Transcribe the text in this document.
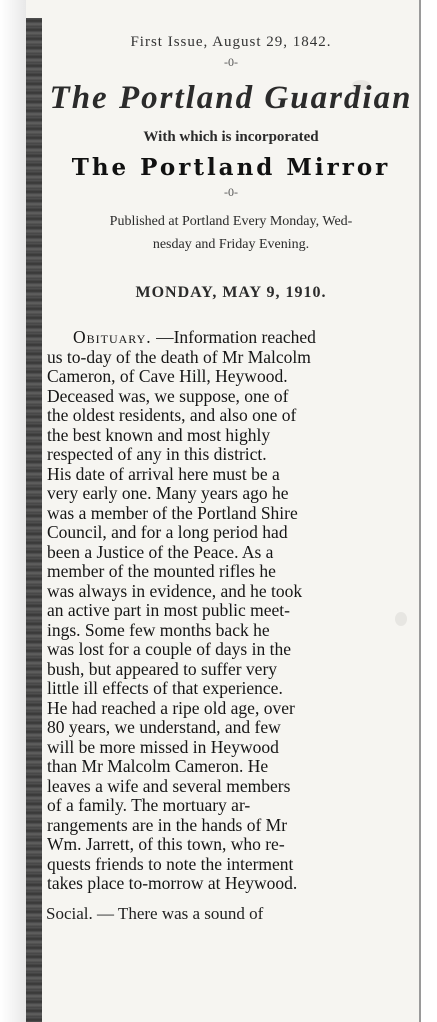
First Issue, August 29, 1842.

-0-

The Portland Guardian

With which is incorporated

The Portland Mirror

-0-

Published at Portland Every Monday, Wed-
nesday and Friday Evening.

MONDAY, MAY 9, 1910.

Obituary. —Information reached
us to-day of the death of Mr Malcolm
Cameron, of Cave Hill, Heywood.
Deceased was, we suppose, one of
the oldest residents, and also one of
the best known and most highly
respected of any in this district.
His date of arrival here must be a
very early one. Many years ago he
was a member of the Portland Shire
Council, and for a long period had
been a Justice of the Peace. As a
member of the mounted rifles he
was always in evidence, and he took
an active part in most public meet-
ings. Some few months back he
was lost for a couple of days in the
bush, but appeared to suffer very
little ill effects of that experience.
He had reached a ripe old age, over
80 years, we understand, and few
will be more missed in Heywood
than Mr Malcolm Cameron. He
leaves a wife and several members
of a family. The mortuary ar-
rangements are in the hands of Mr
Wm. Jarrett, of this town, who re-
quests friends to note the interment
takes place to-morrow at Heywood.
Social. — There was a sound of
